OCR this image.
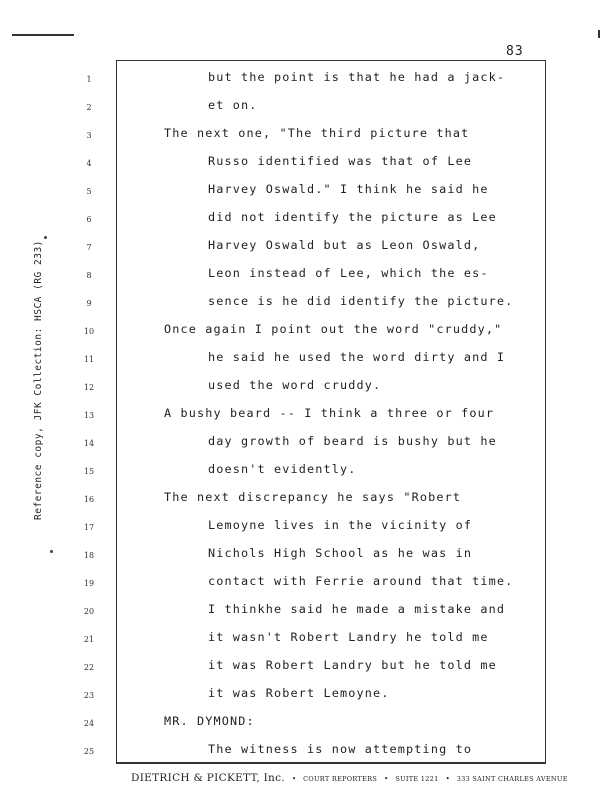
83
Reference copy, JFK Collection: HSCA (RG 233)
1	but the point is that he had a jack-
2	et on.
3	The next one, "The third picture that
4	Russo identified was that of Lee
5	Harvey Oswald." I think he said he
6	did not identify the picture as Lee
7	Harvey Oswald but as Leon Oswald,
8	Leon instead of Lee, which the es-
9	sence is he did identify the picture.
10	Once again I point out the word "cruddy,"
11	he said he used the word dirty and I
12	used the word cruddy.
13	A bushy beard -- I think a three or four
14	day growth of beard is bushy but he
15	doesn't evidently.
16	The next discrepancy he says "Robert
17	Lemoyne lives in the vicinity of
18	Nichols High School as he was in
19	contact with Ferrie around that time.
20	I thinkhe said he made a mistake and
21	it wasn't Robert Landry he told me
22	it was Robert Landry but he told me
23	it was Robert Lemoyne.
24	MR. DYMOND:
25	The witness is now attempting to
DIETRICH & PICKETT, Inc. • COURT REPORTERS • SUITE 1221 • 333 SAINT CHARLES AVENUE
